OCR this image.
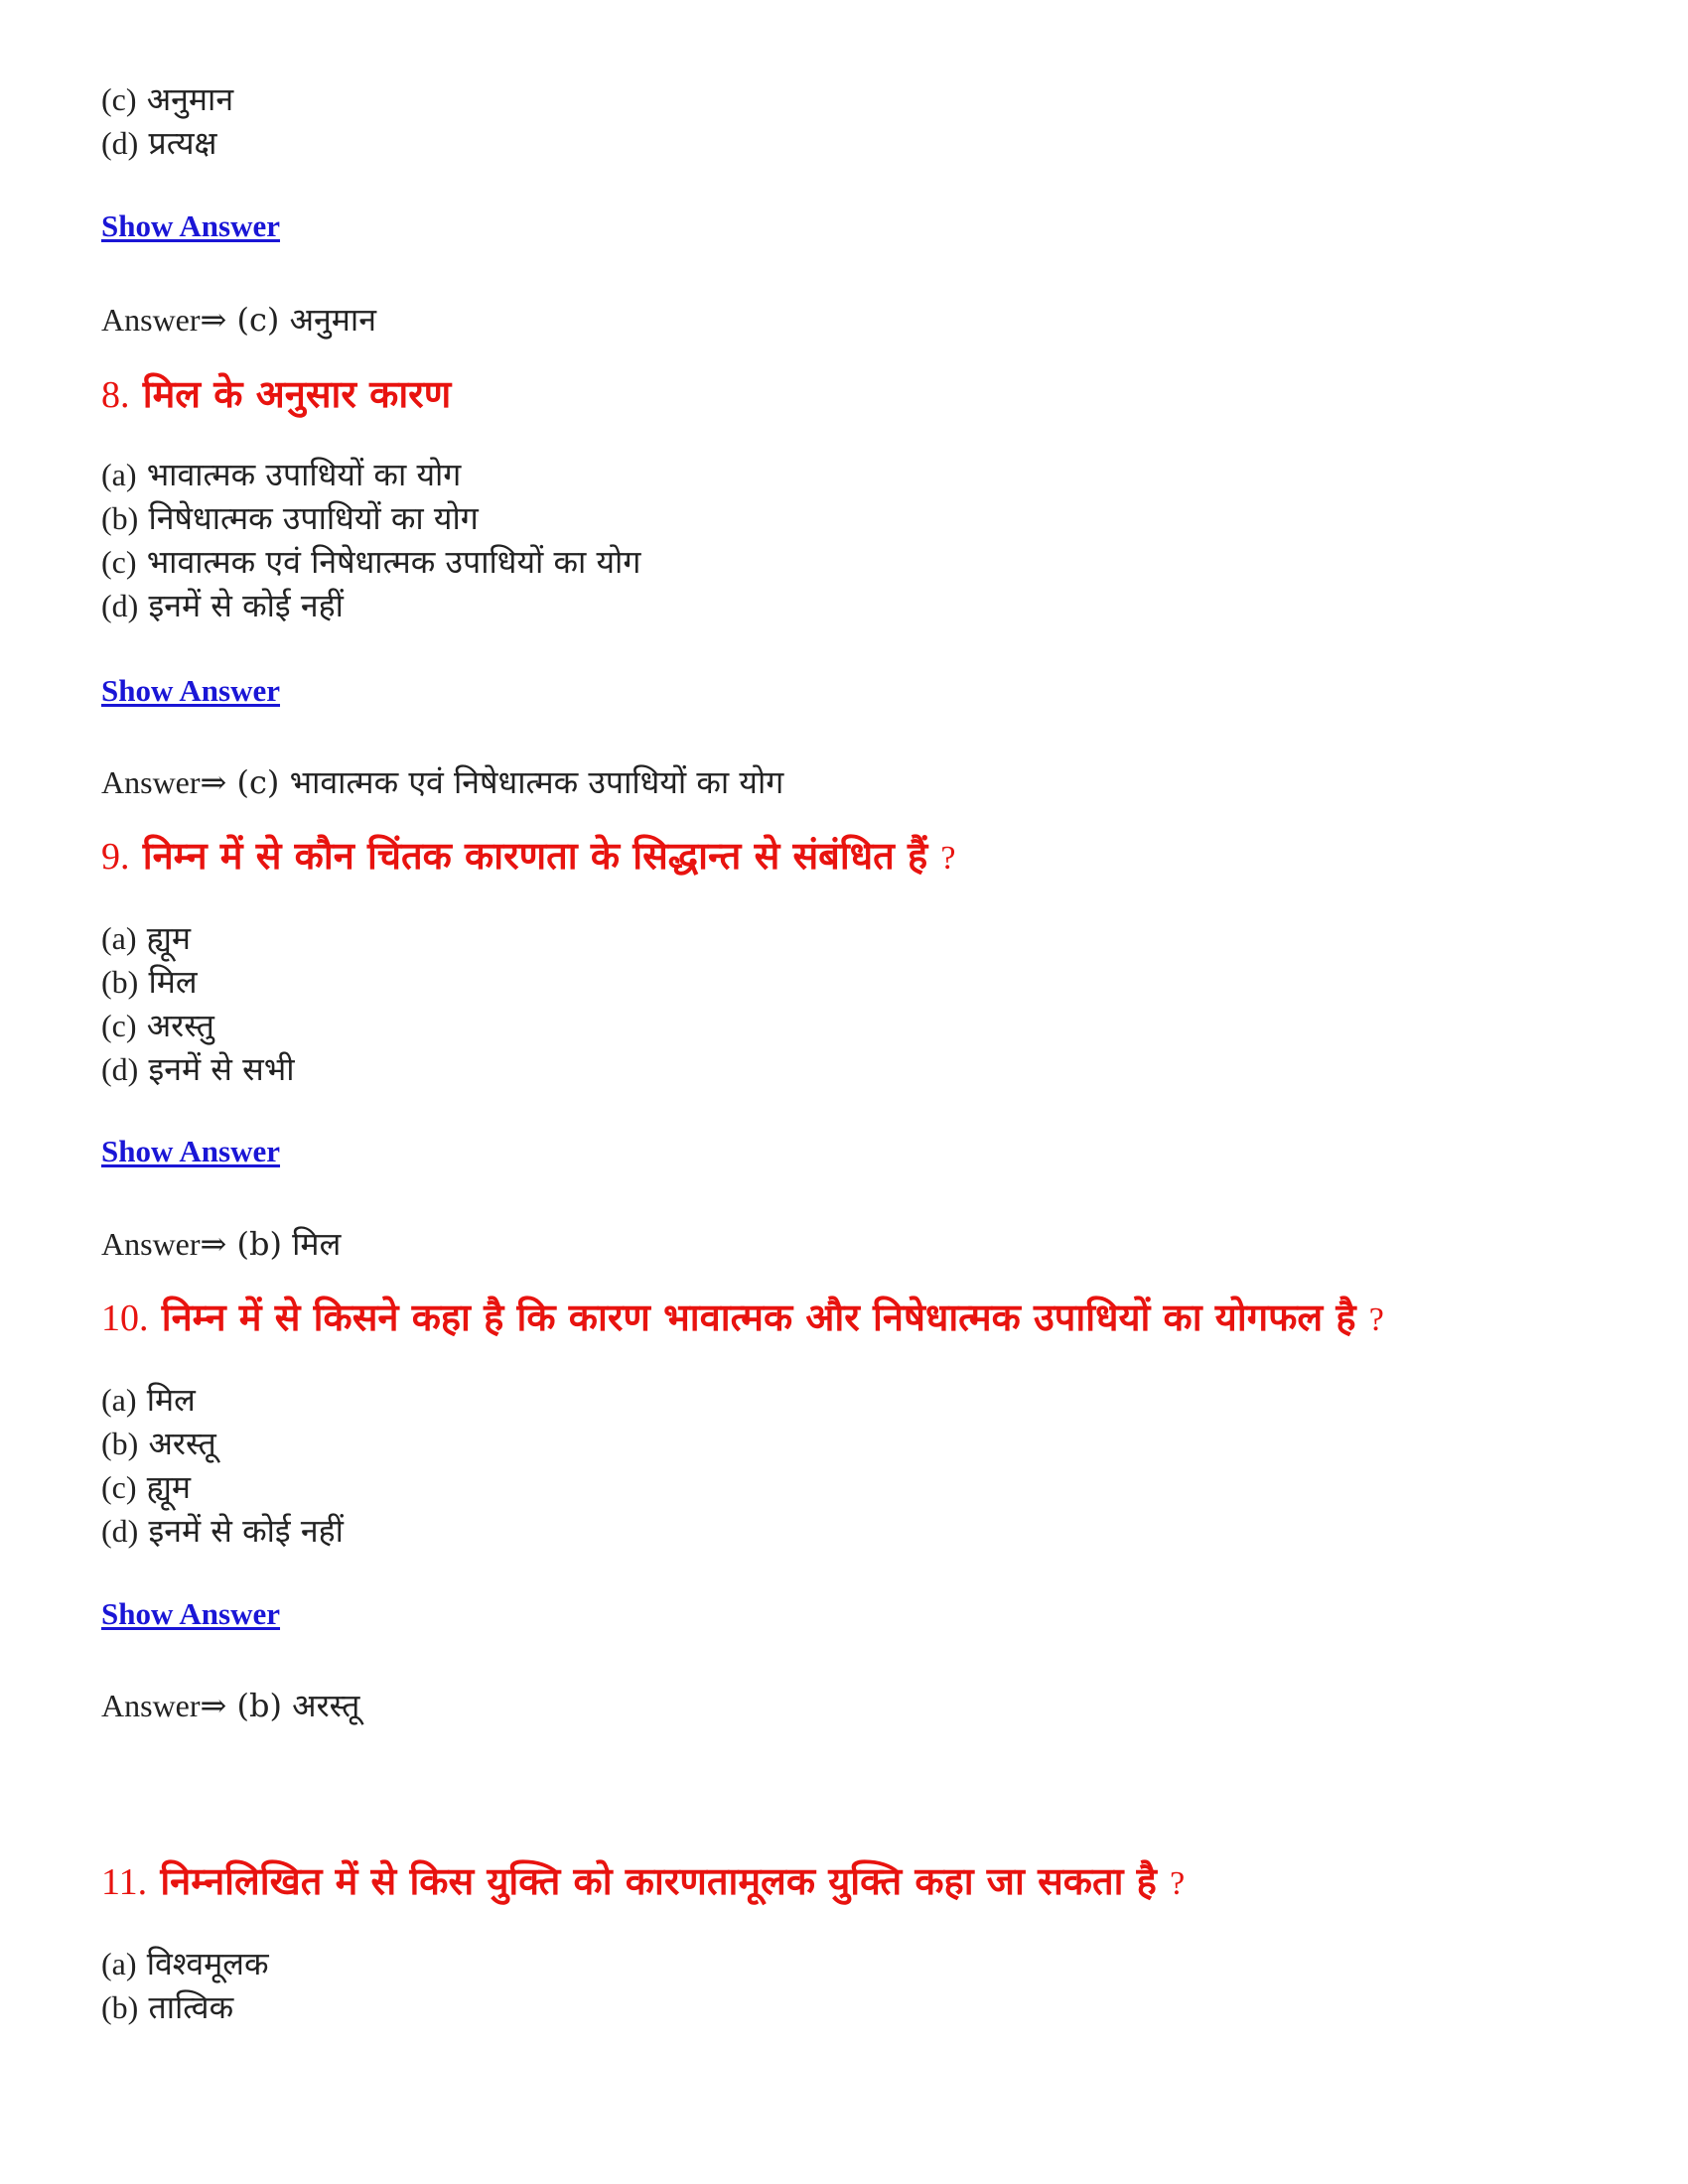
(c) अनुमान
(d) प्रत्यक्ष
Show Answer
Answer⇒ (c) अनुमान
8. मिल के अनुसार कारण
(a) भावात्मक उपाधियों का योग
(b) निषेधात्मक उपाधियों का योग
(c) भावात्मक एवं निषेधात्मक उपाधियों का योग
(d) इनमें से कोई नहीं
Show Answer
Answer⇒ (c) भावात्मक एवं निषेधात्मक उपाधियों का योग
9. निम्न में से कौन चिंतक कारणता के सिद्धान्त से संबंधित हैं ?
(a) ह्यूम
(b) मिल
(c) अरस्तु
(d) इनमें से सभी
Show Answer
Answer⇒ (b) मिल
10. निम्न में से किसने कहा है कि कारण भावात्मक और निषेधात्मक उपाधियों का योगफल है ?
(a) मिल
(b) अरस्तू
(c) ह्यूम
(d) इनमें से कोई नहीं
Show Answer
Answer⇒ (b) अरस्तू
11. निम्नलिखित में से किस युक्ति को कारणतामूलक युक्ति कहा जा सकता है ?
(a) विश्वमूलक
(b) तात्विक
